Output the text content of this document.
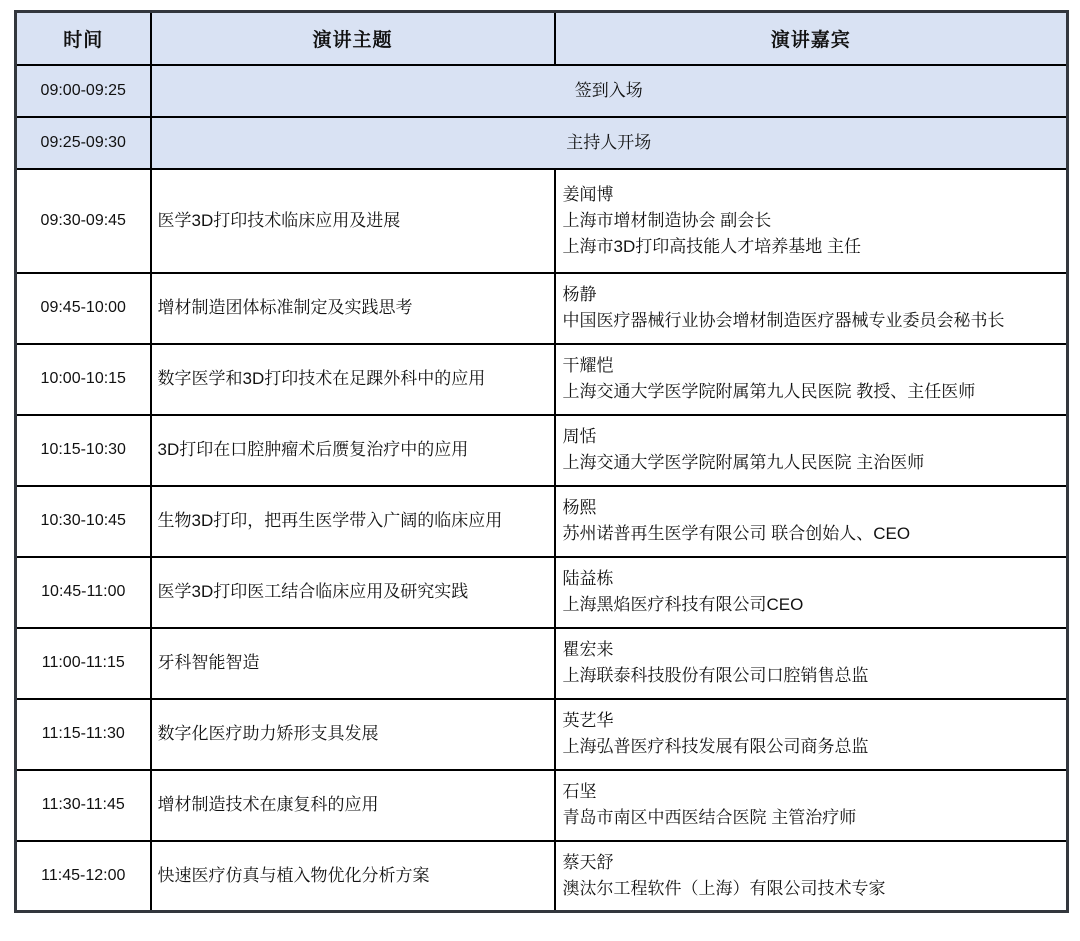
时间	演讲主题	演讲嘉宾
09:00-09:25	签到入场	
09:25-09:30	主持人开场	
09:30-09:45	医学3D打印技术临床应用及进展	姜闻博
上海市增材制造协会 副会长
上海市3D打印高技能人才培养基地 主任

09:45-10:00	增材制造团体标准制定及实践思考	杨静
中国医疗器械行业协会增材制造医疗器械专业委员会秘书长

10:00-10:15	数字医学和3D打印技术在足踝外科中的应用	干耀恺
上海交通大学医学院附属第九人民医院 教授、主任医师

10:15-10:30	3D打印在口腔肿瘤术后赝复治疗中的应用	周恬
上海交通大学医学院附属第九人民医院 主治医师

10:30-10:45	生物3D打印，把再生医学带入广阔的临床应用	杨熙
苏州诺普再生医学有限公司 联合创始人、CEO

10:45-11:00	医学3D打印医工结合临床应用及研究实践	陆益栋
上海黑焰医疗科技有限公司CEO

11:00-11:15	牙科智能智造	瞿宏来
上海联泰科技股份有限公司口腔销售总监

11:15-11:30	数字化医疗助力矫形支具发展	英艺华
上海弘普医疗科技发展有限公司商务总监

11:30-11:45	增材制造技术在康复科的应用	石坚
青岛市南区中西医结合医院 主管治疗师

11:45-12:00	快速医疗仿真与植入物优化分析方案	蔡天舒
澳汰尔工程软件（上海）有限公司技术专家
